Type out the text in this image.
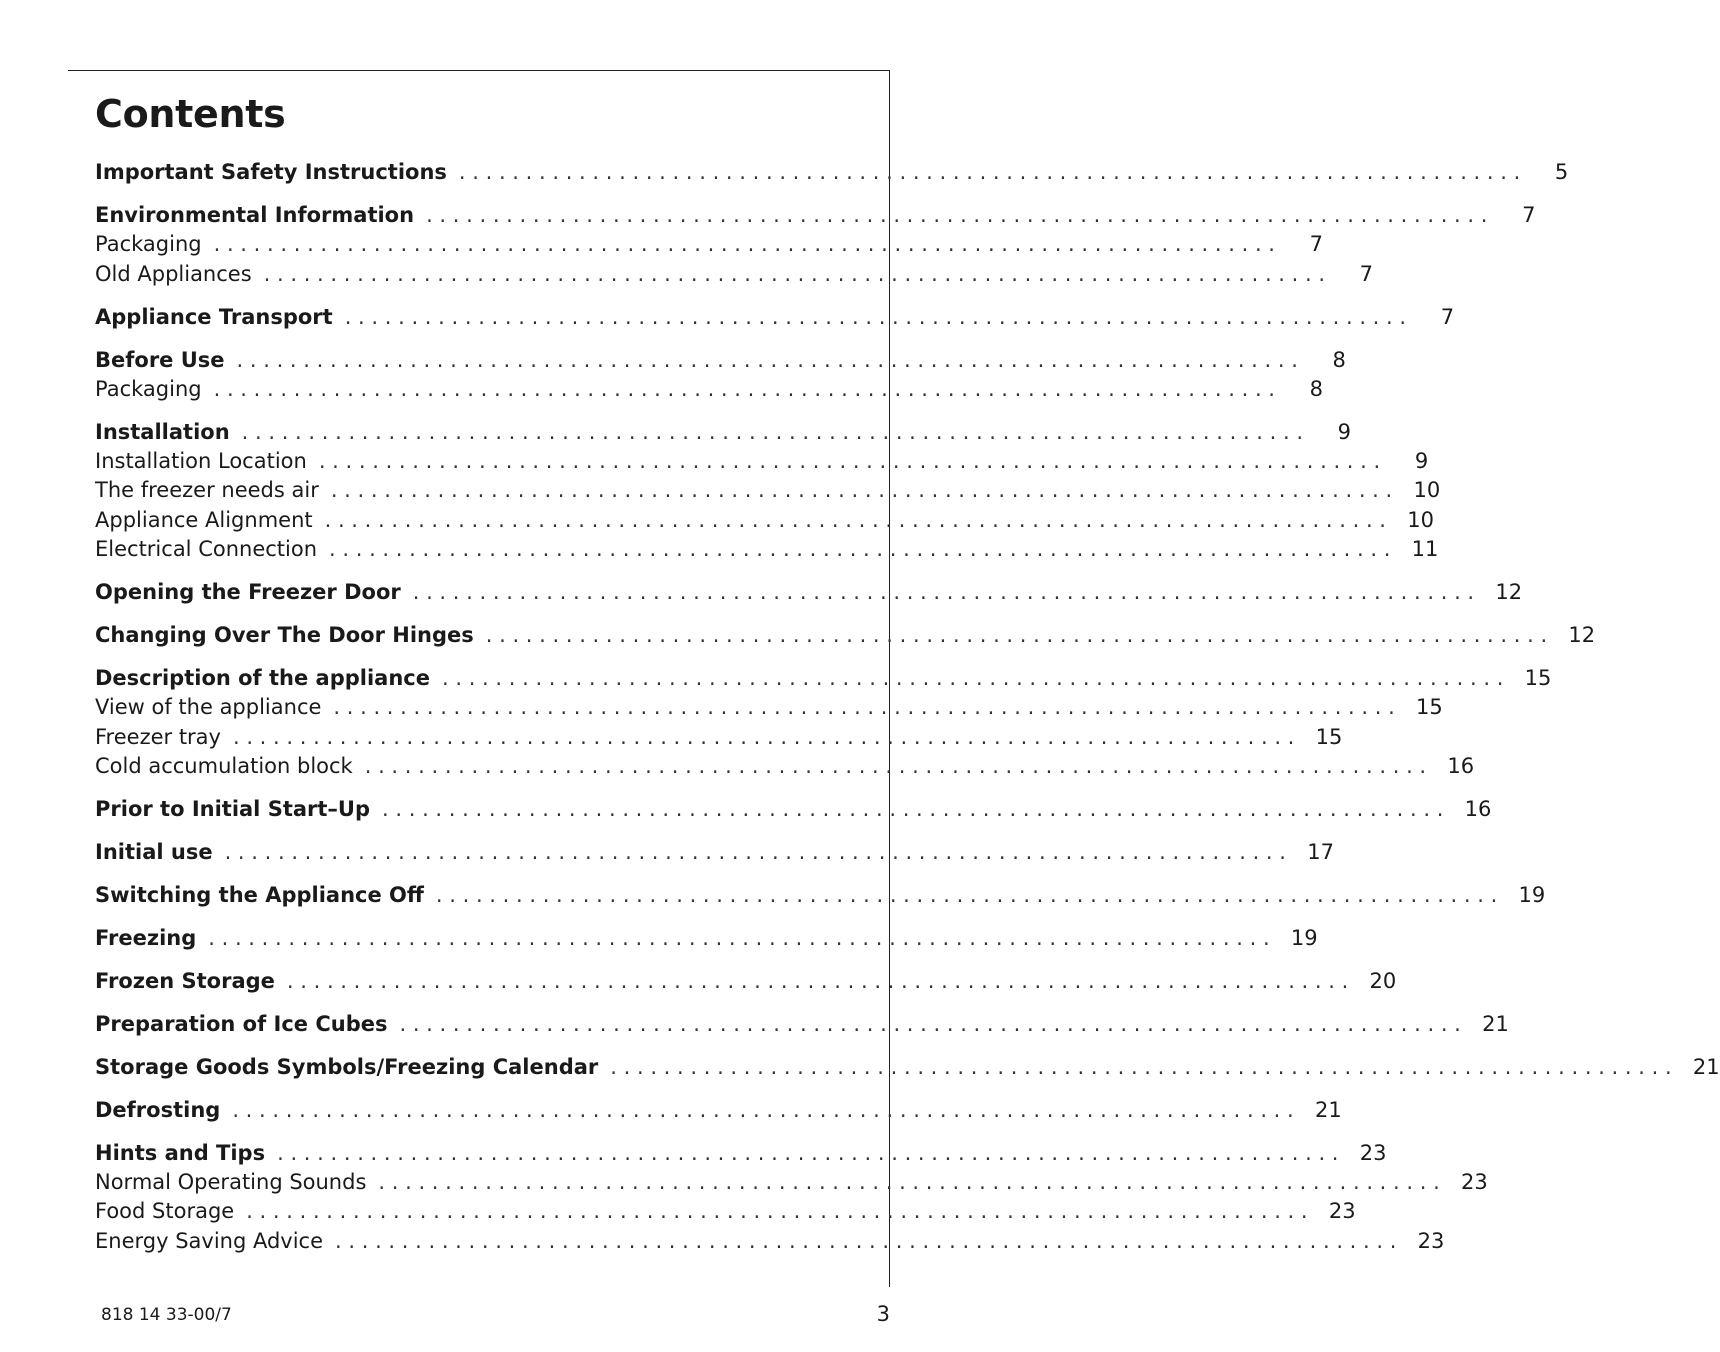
Contents
Important Safety Instructions . . . . . . . . . . . . . . . . . . . . . . . . . . . . . . . . . . . . . . . . . . . . . . . . . . . . . . . . . . . . . . . . . . . . . . . . . . . . . . . .	5
Environmental Information . . . . . . . . . . . . . . . . . . . . . . . . . . . . . . . . . . . . . . . . . . . . . . . . . . . . . . . . . . . . . . . . . . . . . . . . . . . . . . . .	7
Packaging . . . . . . . . . . . . . . . . . . . . . . . . . . . . . . . . . . . . . . . . . . . . . . . . . . . . . . . . . . . . . . . . . . . . . . . . . . . . . . . .	7
Old Appliances . . . . . . . . . . . . . . . . . . . . . . . . . . . . . . . . . . . . . . . . . . . . . . . . . . . . . . . . . . . . . . . . . . . . . . . . . . . . . . . .	7
Appliance Transport . . . . . . . . . . . . . . . . . . . . . . . . . . . . . . . . . . . . . . . . . . . . . . . . . . . . . . . . . . . . . . . . . . . . . . . . . . . . . . . .	7
Before Use . . . . . . . . . . . . . . . . . . . . . . . . . . . . . . . . . . . . . . . . . . . . . . . . . . . . . . . . . . . . . . . . . . . . . . . . . . . . . . . .	8
Packaging . . . . . . . . . . . . . . . . . . . . . . . . . . . . . . . . . . . . . . . . . . . . . . . . . . . . . . . . . . . . . . . . . . . . . . . . . . . . . . . .	8
Installation . . . . . . . . . . . . . . . . . . . . . . . . . . . . . . . . . . . . . . . . . . . . . . . . . . . . . . . . . . . . . . . . . . . . . . . . . . . . . . . .	9
Installation Location . . . . . . . . . . . . . . . . . . . . . . . . . . . . . . . . . . . . . . . . . . . . . . . . . . . . . . . . . . . . . . . . . . . . . . . . . . . . . . . .	9
The freezer needs air . . . . . . . . . . . . . . . . . . . . . . . . . . . . . . . . . . . . . . . . . . . . . . . . . . . . . . . . . . . . . . . . . . . . . . . . . . . . . . . . 10
Appliance Alignment . . . . . . . . . . . . . . . . . . . . . . . . . . . . . . . . . . . . . . . . . . . . . . . . . . . . . . . . . . . . . . . . . . . . . . . . . . . . . . . . 10
Electrical Connection . . . . . . . . . . . . . . . . . . . . . . . . . . . . . . . . . . . . . . . . . . . . . . . . . . . . . . . . . . . . . . . . . . . . . . . . . . . . . . . . 11
Opening the Freezer Door . . . . . . . . . . . . . . . . . . . . . . . . . . . . . . . . . . . . . . . . . . . . . . . . . . . . . . . . . . . . . . . . . . . . . . . . . . . . . . . . 12
Changing Over The Door Hinges . . . . . . . . . . . . . . . . . . . . . . . . . . . . . . . . . . . . . . . . . . . . . . . . . . . . . . . . . . . . . . . . . . . . . . . . . . . . . . . . 12
Description of the appliance . . . . . . . . . . . . . . . . . . . . . . . . . . . . . . . . . . . . . . . . . . . . . . . . . . . . . . . . . . . . . . . . . . . . . . . . . . . . . . . . 15
View of the appliance . . . . . . . . . . . . . . . . . . . . . . . . . . . . . . . . . . . . . . . . . . . . . . . . . . . . . . . . . . . . . . . . . . . . . . . . . . . . . . . . 15
Freezer tray . . . . . . . . . . . . . . . . . . . . . . . . . . . . . . . . . . . . . . . . . . . . . . . . . . . . . . . . . . . . . . . . . . . . . . . . . . . . . . . . 15
Cold accumulation block . . . . . . . . . . . . . . . . . . . . . . . . . . . . . . . . . . . . . . . . . . . . . . . . . . . . . . . . . . . . . . . . . . . . . . . . . . . . . . . . 16
Prior to Initial Start–Up . . . . . . . . . . . . . . . . . . . . . . . . . . . . . . . . . . . . . . . . . . . . . . . . . . . . . . . . . . . . . . . . . . . . . . . . . . . . . . . . 16
Initial use . . . . . . . . . . . . . . . . . . . . . . . . . . . . . . . . . . . . . . . . . . . . . . . . . . . . . . . . . . . . . . . . . . . . . . . . . . . . . . . . 17
Switching the Appliance Off . . . . . . . . . . . . . . . . . . . . . . . . . . . . . . . . . . . . . . . . . . . . . . . . . . . . . . . . . . . . . . . . . . . . . . . . . . . . . . . . 19
Freezing . . . . . . . . . . . . . . . . . . . . . . . . . . . . . . . . . . . . . . . . . . . . . . . . . . . . . . . . . . . . . . . . . . . . . . . . . . . . . . . . 19
Frozen Storage . . . . . . . . . . . . . . . . . . . . . . . . . . . . . . . . . . . . . . . . . . . . . . . . . . . . . . . . . . . . . . . . . . . . . . . . . . . . . . . . 20
Preparation of Ice Cubes . . . . . . . . . . . . . . . . . . . . . . . . . . . . . . . . . . . . . . . . . . . . . . . . . . . . . . . . . . . . . . . . . . . . . . . . . . . . . . . . 21
Storage Goods Symbols/Freezing Calendar . . . . . . . . . . . . . . . . . . . . . . . . . . . . . . . . . . . . . . . . . . . . . . . . . . . . . . . . . . . . . . . . . . . . . . . . . . . . . . . . 21
Defrosting . . . . . . . . . . . . . . . . . . . . . . . . . . . . . . . . . . . . . . . . . . . . . . . . . . . . . . . . . . . . . . . . . . . . . . . . . . . . . . . . 21
Hints and Tips . . . . . . . . . . . . . . . . . . . . . . . . . . . . . . . . . . . . . . . . . . . . . . . . . . . . . . . . . . . . . . . . . . . . . . . . . . . . . . . . 23
Normal Operating Sounds . . . . . . . . . . . . . . . . . . . . . . . . . . . . . . . . . . . . . . . . . . . . . . . . . . . . . . . . . . . . . . . . . . . . . . . . . . . . . . . . 23
Food Storage . . . . . . . . . . . . . . . . . . . . . . . . . . . . . . . . . . . . . . . . . . . . . . . . . . . . . . . . . . . . . . . . . . . . . . . . . . . . . . . . 23
Energy Saving Advice . . . . . . . . . . . . . . . . . . . . . . . . . . . . . . . . . . . . . . . . . . . . . . . . . . . . . . . . . . . . . . . . . . . . . . . . . . . . . . . . 23
818 14 33-00/7	3
